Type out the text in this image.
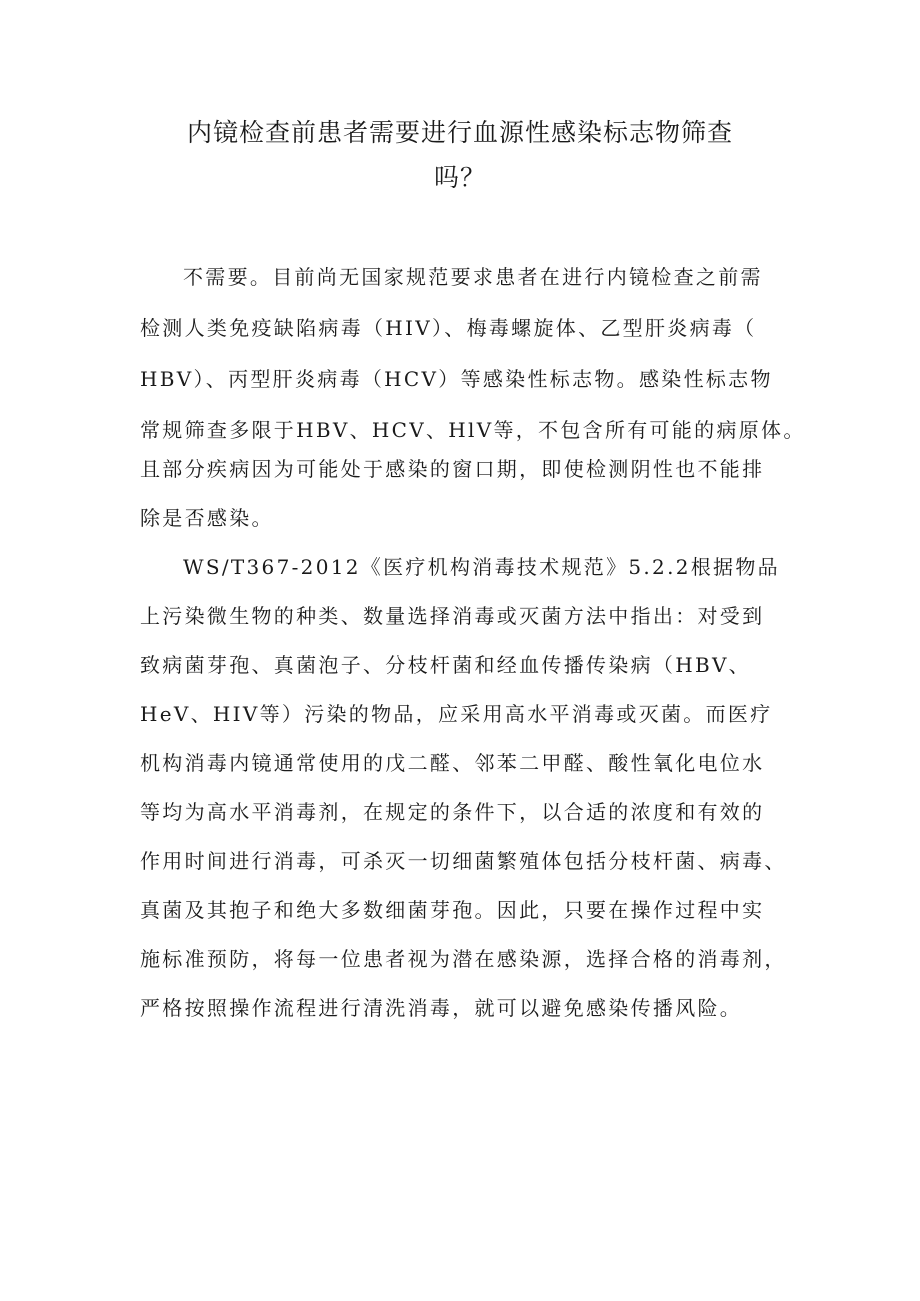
内镜检查前患者需要进行血源性感染标志物筛查
吗？
不需要。目前尚无国家规范要求患者在进行内镜检查之前需
检测人类免疫缺陷病毒（HIV）、梅毒螺旋体、乙型肝炎病毒（
HBV）、丙型肝炎病毒（HCV）等感染性标志物。感染性标志物
常规筛查多限于HBV、HCV、HlV等，不包含所有可能的病原体。
且部分疾病因为可能处于感染的窗口期，即使检测阴性也不能排
除是否感染。
WS/T367-2012《医疗机构消毒技术规范》5.2.2根据物品
上污染微生物的种类、数量选择消毒或灭菌方法中指出：对受到
致病菌芽孢、真菌泡子、分枝杆菌和经血传播传染病（HBV、
HeV、HIV等）污染的物品，应采用高水平消毒或灭菌。而医疗
机构消毒内镜通常使用的戊二醛、邻苯二甲醛、酸性氧化电位水
等均为高水平消毒剂，在规定的条件下，以合适的浓度和有效的
作用时间进行消毒，可杀灭一切细菌繁殖体包括分枝杆菌、病毒、
真菌及其抱子和绝大多数细菌芽孢。因此，只要在操作过程中实
施标准预防，将每一位患者视为潜在感染源，选择合格的消毒剂，
严格按照操作流程进行清洗消毒，就可以避免感染传播风险。
